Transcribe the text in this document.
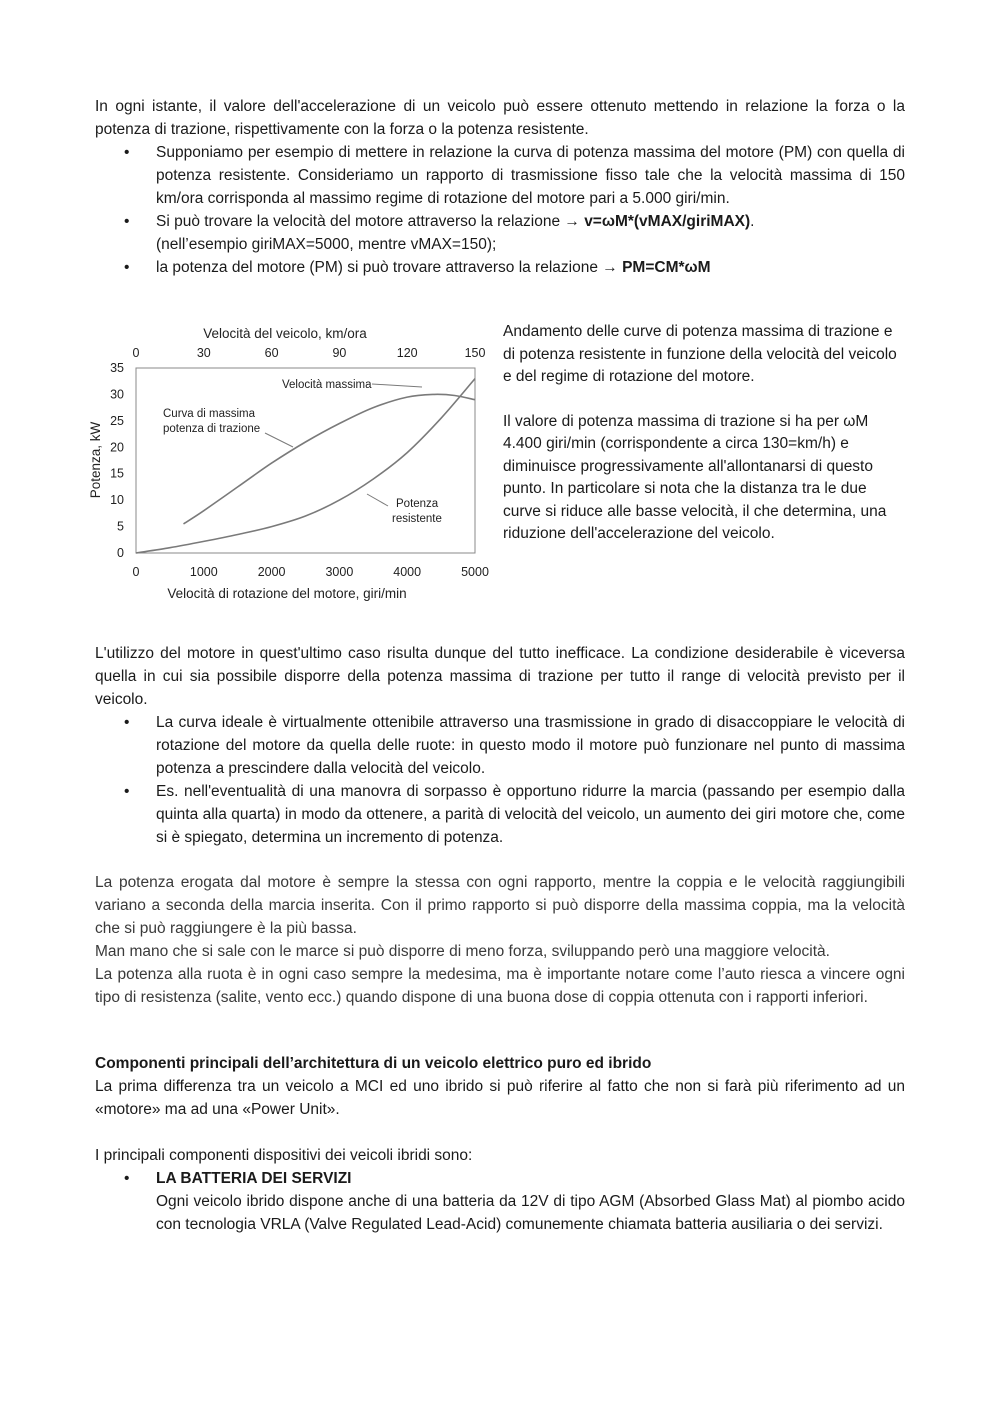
In ogni istante, il valore dell'accelerazione di un veicolo può essere ottenuto mettendo in relazione la forza o la potenza di trazione, rispettivamente con la forza o la potenza resistente.

• Supponiamo per esempio di mettere in relazione la curva di potenza massima del motore (PM) con quella di potenza resistente. Consideriamo un rapporto di trasmissione fisso tale che la velocità massima di 150 km/ora corrisponda al massimo regime di rotazione del motore pari a 5.000 giri/min.
• Si può trovare la velocità del motore attraverso la relazione → v=ωM*(vMAX/giriMAX).
(nell’esempio giriMAX=5000, mentre vMAX=150);
• la potenza del motore (PM) si può trovare attraverso la relazione → PM=CM*ωM
Velocità del veicolo, km/ora
Velocità di rotazione del motore, giri/min
Potenza, kW
0	30	60	90	120	150
0	1000	2000	3000	4000	5000
0
5
10
15
20
25
30
35
Velocità massima
Curva di massima
potenza di trazione
Potenza
resistente

Andamento delle curve di potenza massima di trazione e di potenza resistente in funzione della velocità del veicolo e del regime di rotazione del motore.

Il valore di potenza massima di trazione si ha per ωM 4.400 giri/min (corrispondente a circa 130=km/h) e diminuisce progressivamente all'allontanarsi di questo punto. In particolare si nota che la distanza tra le due curve si riduce alle basse velocità, il che determina, una riduzione dell'accelerazione del veicolo.

L'utilizzo del motore in quest'ultimo caso risulta dunque del tutto inefficace. La condizione desiderabile è viceversa quella in cui sia possibile disporre della potenza massima di trazione per tutto il range di velocità previsto per il veicolo.

• La curva ideale è virtualmente ottenibile attraverso una trasmissione in grado di disaccoppiare le velocità di rotazione del motore da quella delle ruote: in questo modo il motore può funzionare nel punto di massima potenza a prescindere dalla velocità del veicolo.
• Es. nell'eventualità di una manovra di sorpasso è opportuno ridurre la marcia (passando per esempio dalla quinta alla quarta) in modo da ottenere, a parità di velocità del veicolo, un aumento dei giri motore che, come si è spiegato, determina un incremento di potenza.

La potenza erogata dal motore è sempre la stessa con ogni rapporto, mentre la coppia e le velocità raggiungibili variano a seconda della marcia inserita. Con il primo rapporto si può disporre della massima coppia, ma la velocità che si può raggiungere è la più bassa.

Man mano che si sale con le marce si può disporre di meno forza, sviluppando però una maggiore velocità.

La potenza alla ruota è in ogni caso sempre la medesima, ma è importante notare come l’auto riesca a vincere ogni tipo di resistenza (salite, vento ecc.) quando dispone di una buona dose di coppia ottenuta con i rapporti inferiori.

Componenti principali dell’architettura di un veicolo elettrico puro ed ibrido

La prima differenza tra un veicolo a MCI ed uno ibrido si può riferire al fatto che non si farà più riferimento ad un «motore» ma ad una «Power Unit».

I principali componenti dispositivi dei veicoli ibridi sono:

• LA BATTERIA DEI SERVIZI
Ogni veicolo ibrido dispone anche di una batteria da 12V di tipo AGM (Absorbed Glass Mat) al piombo acido con tecnologia VRLA (Valve Regulated Lead-Acid) comunemente chiamata batteria ausiliaria o dei servizi.
